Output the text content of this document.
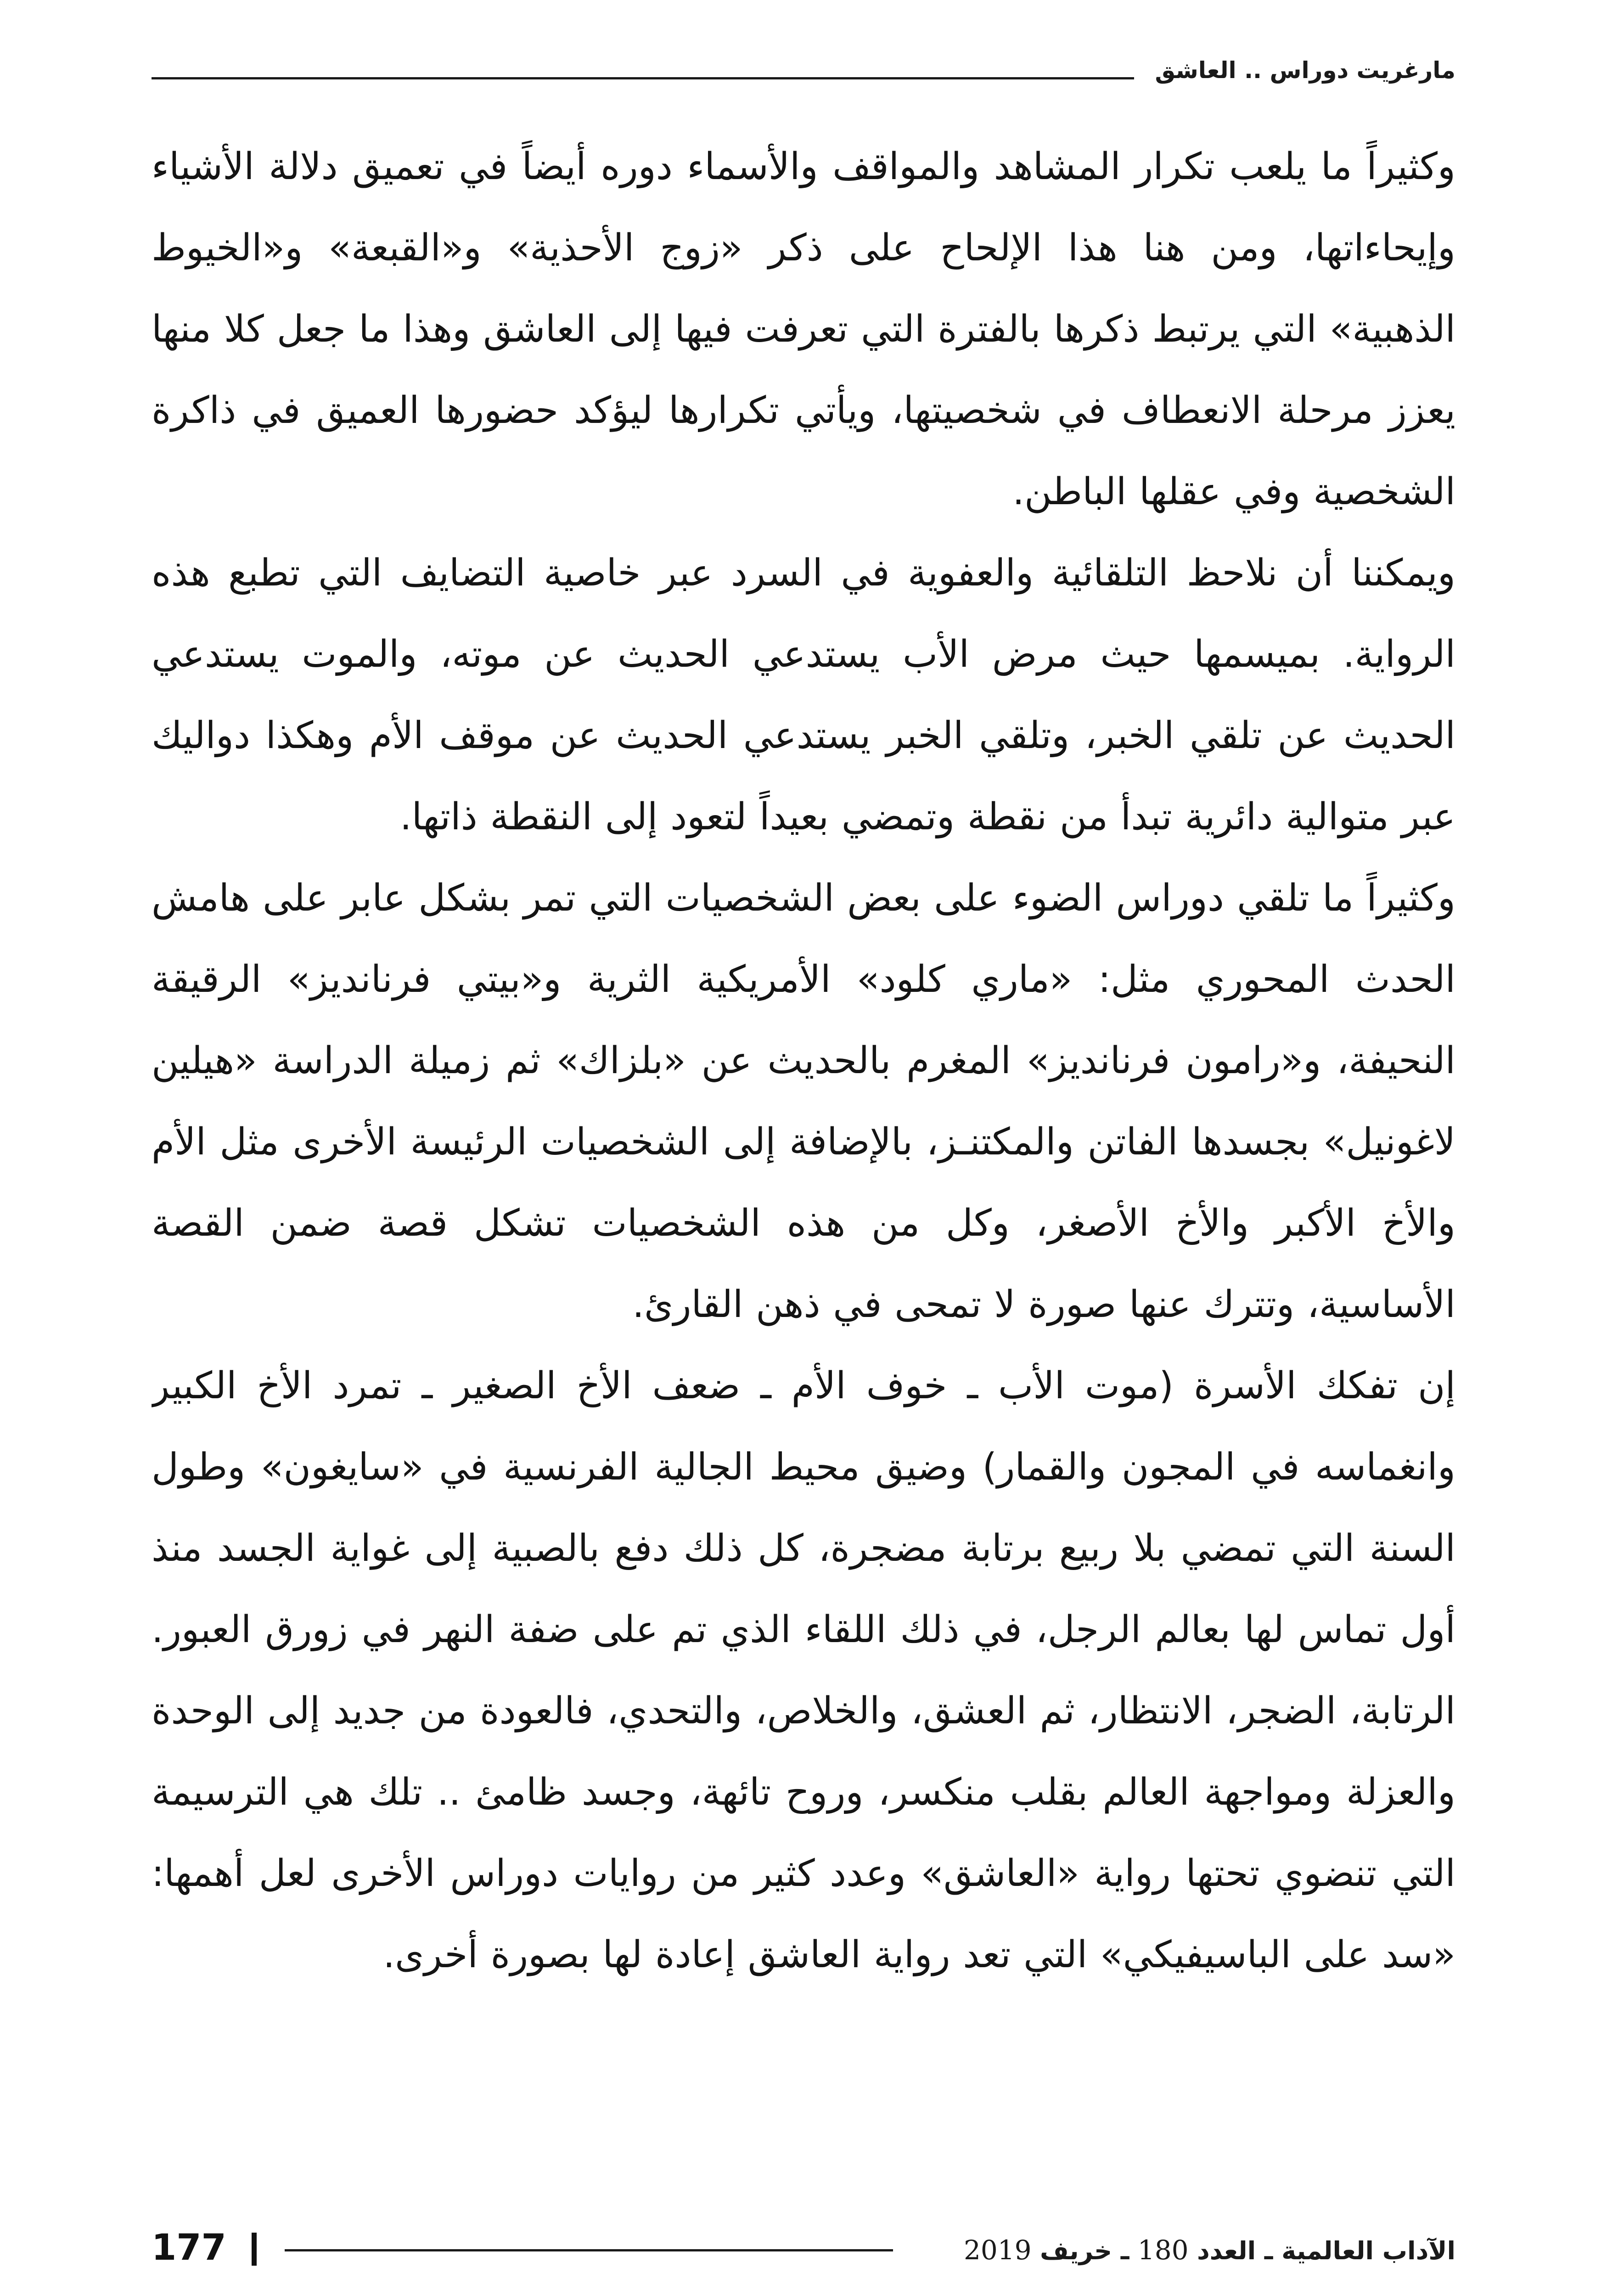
مارغريت دوراس .. العاشق

وكثيراً ما يلعب تكرار المشاهد والمواقف والأسماء دوره أيضاً في تعميق دلالة الأشياء وإيحاءاتها، ومن هنا هذا الإلحاح على ذكر «زوج الأحذية» و«القبعة» و«الخيوط الذهبية» التي يرتبط ذكرها بالفترة التي تعرفت فيها إلى العاشق وهذا ما جعل كلا منها يعزز مرحلة الانعطاف في شخصيتها، ويأتي تكرارها ليؤكد حضورها العميق في ذاكرة الشخصية وفي عقلها الباطن.

ويمكننا أن نلاحظ التلقائية والعفوية في السرد عبر خاصية التضايف التي تطبع هذه الرواية. بميسمها حيث مرض الأب يستدعي الحديث عن موته، والموت يستدعي الحديث عن تلقي الخبر، وتلقي الخبر يستدعي الحديث عن موقف الأم وهكذا دواليك عبر متوالية دائرية تبدأ من نقطة وتمضي بعيداً لتعود إلى النقطة ذاتها.

وكثيراً ما تلقي دوراس الضوء على بعض الشخصيات التي تمر بشكل عابر على هامش الحدث المحوري مثل: «ماري كلود» الأمريكية الثرية و«بيتي فرنانديز» الرقيقة النحيفة، و«رامون فرنانديز» المغرم بالحديث عن «بلزاك» ثم زميلة الدراسة «هيلين لاغونيل» بجسدها الفاتن والمكتنـز، بالإضافة إلى الشخصيات الرئيسة الأخرى مثل الأم والأخ الأكبر والأخ الأصغر، وكل من هذه الشخصيات تشكل قصة ضمن القصة الأساسية، وتترك عنها صورة لا تمحى في ذهن القارئ.

إن تفكك الأسرة (موت الأب ـ خوف الأم ـ ضعف الأخ الصغير ـ تمرد الأخ الكبير وانغماسه في المجون والقمار) وضيق محيط الجالية الفرنسية في «سايغون» وطول السنة التي تمضي بلا ربيع برتابة مضجرة، كل ذلك دفع بالصبية إلى غواية الجسد منذ أول تماس لها بعالم الرجل، في ذلك اللقاء الذي تم على ضفة النهر في زورق العبور. الرتابة، الضجر، الانتظار، ثم العشق، والخلاص، والتحدي، فالعودة من جديد إلى الوحدة والعزلة ومواجهة العالم بقلب منكسر، وروح تائهة، وجسد ظامئ .. تلك هي الترسيمة التي تنضوي تحتها رواية «العاشق» وعدد كثير من روايات دوراس الأخرى لعل أهمها: «سد على الباسيفيكي» التي تعد رواية العاشق إعادة لها بصورة أخرى.

177	الآداب العالمية ـ العدد 180 ـ خريف 2019
